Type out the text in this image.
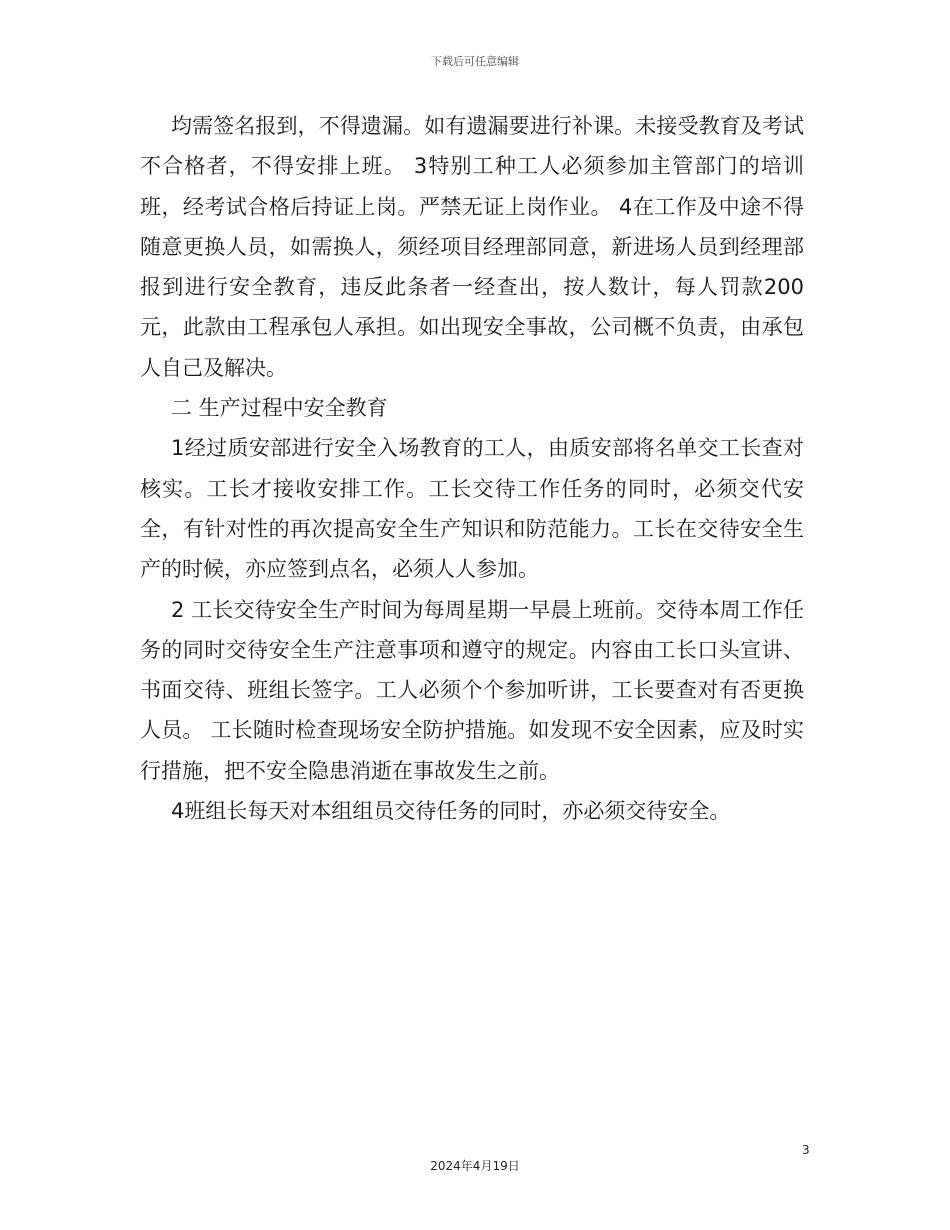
下载后可任意编辑

均需签名报到，不得遗漏。如有遗漏要进行补课。未接受教育及考试不合格者，不得安排上班。 3特别工种工人必须参加主管部门的培训班，经考试合格后持证上岗。严禁无证上岗作业。 4在工作及中途不得随意更换人员，如需换人，须经项目经理部同意，新进场人员到经理部报到进行安全教育，违反此条者一经查出，按人数计，每人罚款200元，此款由工程承包人承担。如出现安全事故，公司概不负责，由承包人自己及解决。

二 生产过程中安全教育

1经过质安部进行安全入场教育的工人，由质安部将名单交工长查对核实。工长才接收安排工作。工长交待工作任务的同时，必须交代安全，有针对性的再次提高安全生产知识和防范能力。工长在交待安全生产的时候，亦应签到点名，必须人人参加。

2 工长交待安全生产时间为每周星期一早晨上班前。交待本周工作任务的同时交待安全生产注意事项和遵守的规定。内容由工长口头宣讲、书面交待、班组长签字。工人必须个个参加听讲，工长要查对有否更换人员。 工长随时检查现场安全防护措施。如发现不安全因素，应及时实行措施，把不安全隐患消逝在事故发生之前。

4班组长每天对本组组员交待任务的同时，亦必须交待安全。

3
2024年4月19日
